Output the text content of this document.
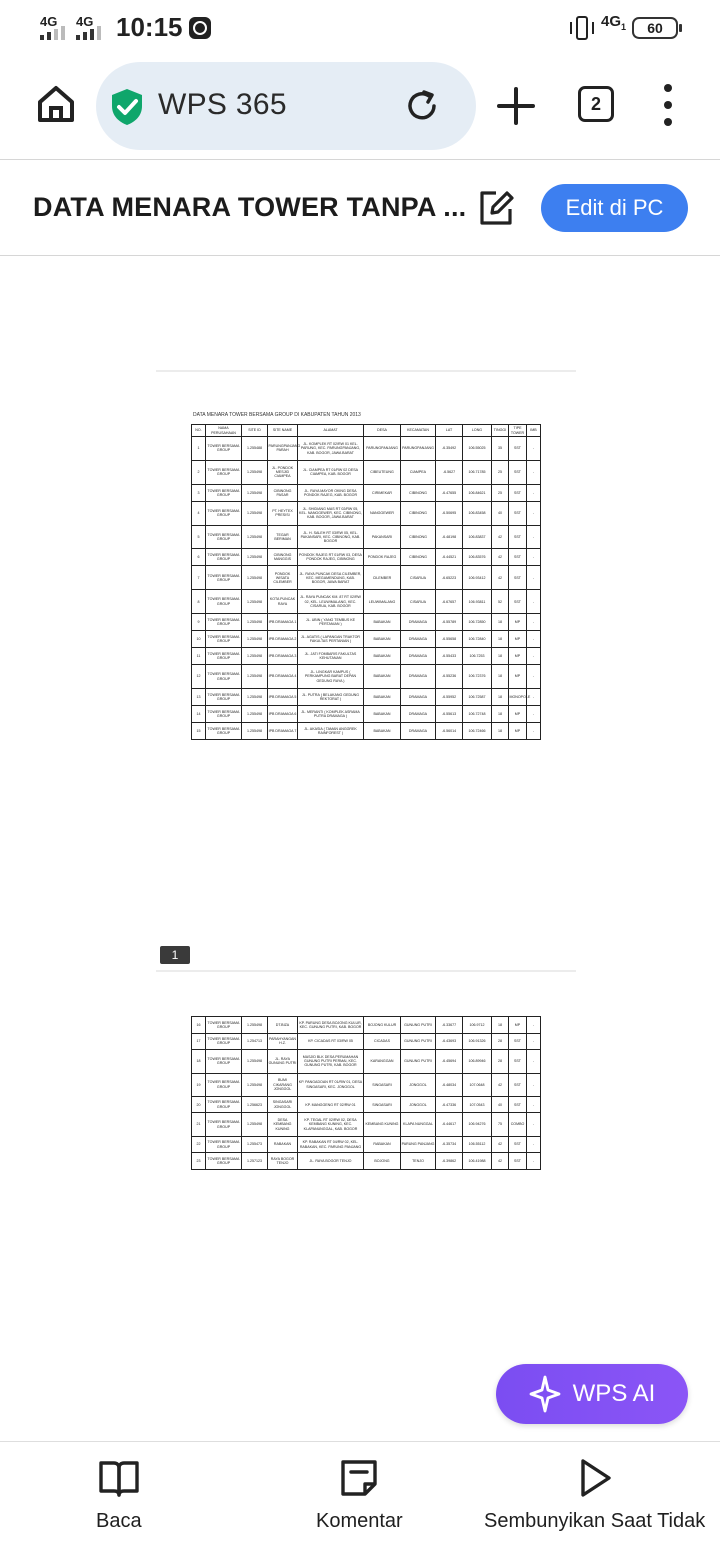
4G 4G 10:15	$4G_1$	60
WPS 365	2
DATA MENARA TOWER TANPA ...	Edit di PC
DATA MENARA TOWER BERSAMA GROUP DI KABUPATEN TAHUN 2013
NO.	NAMA PERUSAHAAN	SITE ID	SITE NAME	ALAMAT	DESA	KECAMATAN	LAT	LONG	TINGGI	TIPE TOWER	IMB
1	TOWER BERSAMA GROUP	1.255488	PARUNGPANJANG PARAH	JL. KOMPLEK RT 02/RW 01 KEL. PARUNG, KEC. PARUNGPANJANG, KAB. BOGOR, JAWA BARAT	PARUNGPANJANG	PARUNGPANJANG	-6.35492	106.55025	35	SST	-
2	TOWER BERSAMA GROUP	1.255498	JL. PONDOK MESJID CIAMPEA	JL. CIAMPEA RT 01/RW 02 DESA CIAMPEA, KAB. BOGOR	CIBEUTEUNG	CIAMPEA	-6.5627	106.71785	25	SST	-
3	TOWER BERSAMA GROUP	1.255498	CIBINONG PASAR	JL. RAYA MAYOR OKING DESA PONDOK RAJEG, KAB. BOGOR	CIRIMEKAR	CIBINONG	-6.47655	106.84621	25	SST	-
4	TOWER BERSAMA GROUP	1.255498	PT. HEYTEX PRESISI	JL. SHIDIANG MAS RT 02/RW 05, KEL. NANGGEWER, KEC. CIBINONG, KAB. BOGOR, JAWA BARAT	NANGGEWER	CIBINONG	-6.50695	106.83458	40	SST	-
5	TOWER BERSAMA GROUP	1.255498	TEGAR BERIMAN	JL. H. SALEH RT 03/RW 05, KEL. PAKANSARI, KEC. CIBINONG, KAB. BOGOR	PAKANSARI	CIBINONG	-6.48198	106.83837	42	SST	-
6	TOWER BERSAMA GROUP	1.255498	CIBINONG MANGGIS	PONDOK RAJEG RT 01/RW 03, DESA PONDOK RAJEG, CIBINONG	PONDOK RAJEG	CIBINONG	-6.44521	106.83576	42	SST	-
7	TOWER BERSAMA GROUP	1.255498	PONDOK WISATA CILEMBER	JL. RAYA PUNCAK DESA CILEMBER, KEC. MEGAMENDUNG, KAB. BOGOR, JAWA BARAT	CILEMBER	CISARUA	-6.65223	106.93412	42	SST	-
8	TOWER BERSAMA GROUP	1.255498	KOTA PUNCAK RAYA	JL. RAYA PUNCAK KM. 87 RT 02/RW 02, KEL. LEUWIMALANG, KEC. CISARUA, KAB. BOGOR	LEUWIMALANG	CISARUA	-6.67657	106.93811	52	SST	-
9	TOWER BERSAMA GROUP	1.255498	IPB DRAMAGA 1	JL. UBIN ( YANG TEMBUS KE PERTANIAN )	BABAKAN	DRAMAGA	-6.55789	106.72850	18	MP	-
10	TOWER BERSAMA GROUP	1.255498	IPB DRAMAGA 2	JL. AGATIS ( LAPANGAN TRAKTOR FAKULTAS PERTANIAN )	BABAKAN	DRAMAGA	-6.55658	106.72840	18	MP	-
11	TOWER BERSAMA GROUP	1.255498	IPB DRAMAGA 3	JL. JATI FOMBARIS FAKULTAS KEHUTANAN	BABAKAN	DRAMAGA	-6.55433	106.7253	18	MP	-
12	TOWER BERSAMA GROUP	1.255498	IPB DRAMAGA 4	JL. LINGKAR KAMPUS ( PERKAMPUNG BARAT DEPAN GEDUNG RAYA )	BABAKAN	DRAMAGA	-6.55236	106.72376	18	MP	-
13	TOWER BERSAMA GROUP	1.255498	IPB DRAMAGA 5	JL. PUTRA ( BELAKANG GEDUNG REKTORAT )	BABAKAN	DRAMAGA	-6.55952	106.72587	18	MONOPOLE	-
14	TOWER BERSAMA GROUP	1.255498	IPB DRAMAGA 6	JL. MERANTI ( KOMPLEK ASRAMA PUTRA DRAMAGA )	BABAKAN	DRAMAGA	-6.55613	106.72748	18	MP	-
15	TOWER BERSAMA GROUP	1.255498	IPB DRAMAGA 7	JL. AKASIA ( TAMAN ANGGREK RAINFOREST )	BABAKAN	DRAMAGA	-6.56014	106.72466	18	MP	-
1
16	TOWER BERSAMA GROUP	1.255498	DT.BIZA	KP. PARUNG DESA BOJONG KULUR, KEC. GUNUNG PUTRI, KAB. BOGOR	BOJONG KULUR	GUNUNG PUTRI	-6.33677	106.9712	18	MP	-
17	TOWER BERSAMA GROUP	1.254713	PARAHYANGAN H.Z.	KP. CICADAS RT 03/RW 05	CICADAS	GUNUNG PUTRI	-6.43693	106.91326	28	SST	-
18	TOWER BERSAMA GROUP	1.255498	JL. RAYA GUNUNG PUTRI	MASJID BLK DESA PERUMAHAN GUNUNG PUTRI PERMAI, KEC. GUNUNG PUTRI, KAB. BOGOR	KARANGGAN	GUNUNG PUTRI	-6.45694	106.89946	28	SST	-
19	TOWER BERSAMA GROUP	1.255498	BUMI CIKARANG JONGGOL	KP. PANGADOAN RT 01/RW 01, DESA SINGASARI, KEC. JONGGOL	SINGASARI	JONGGOL	-6.48034	107.0648	42	SST	-
20	TOWER BERSAMA GROUP	1.256623	SINGASARI JONGGOL	KP. MANGGENG RT 02/RW 01	SINGASARI	JONGGOL	-6.47336	107.0543	40	SST	-
21	TOWER BERSAMA GROUP	1.255498	DESA KEMBANG KUNING	KP. TEGAL RT 02/RW 02, DESA KEMBANG KUNING, KEC. KLAPANUNGGAL, KAB. BOGOR	KEMBANG KUNING	KLAPA NUNGGAL	-6.44617	106.94276	75	COMBO	-
22	TOWER BERSAMA GROUP	1.255473	RABAKAN	KP. RABAKAN RT 04/RW 02, KEL. RABAKAN, KEC. PARUNG PANJANG	RABAKAN	PARUNG PANJANG	-6.35734	106.55112	42	SST	-
23	TOWER BERSAMA GROUP	1.257123	RAYA BOGOR TENJO	JL. RAYA BOGOR TENJO	BOJONG	TENJO	-6.39862	106.41988	42	SST	-
WPS AI
Baca	Komentar	Sembunyikan Saat Tidak
